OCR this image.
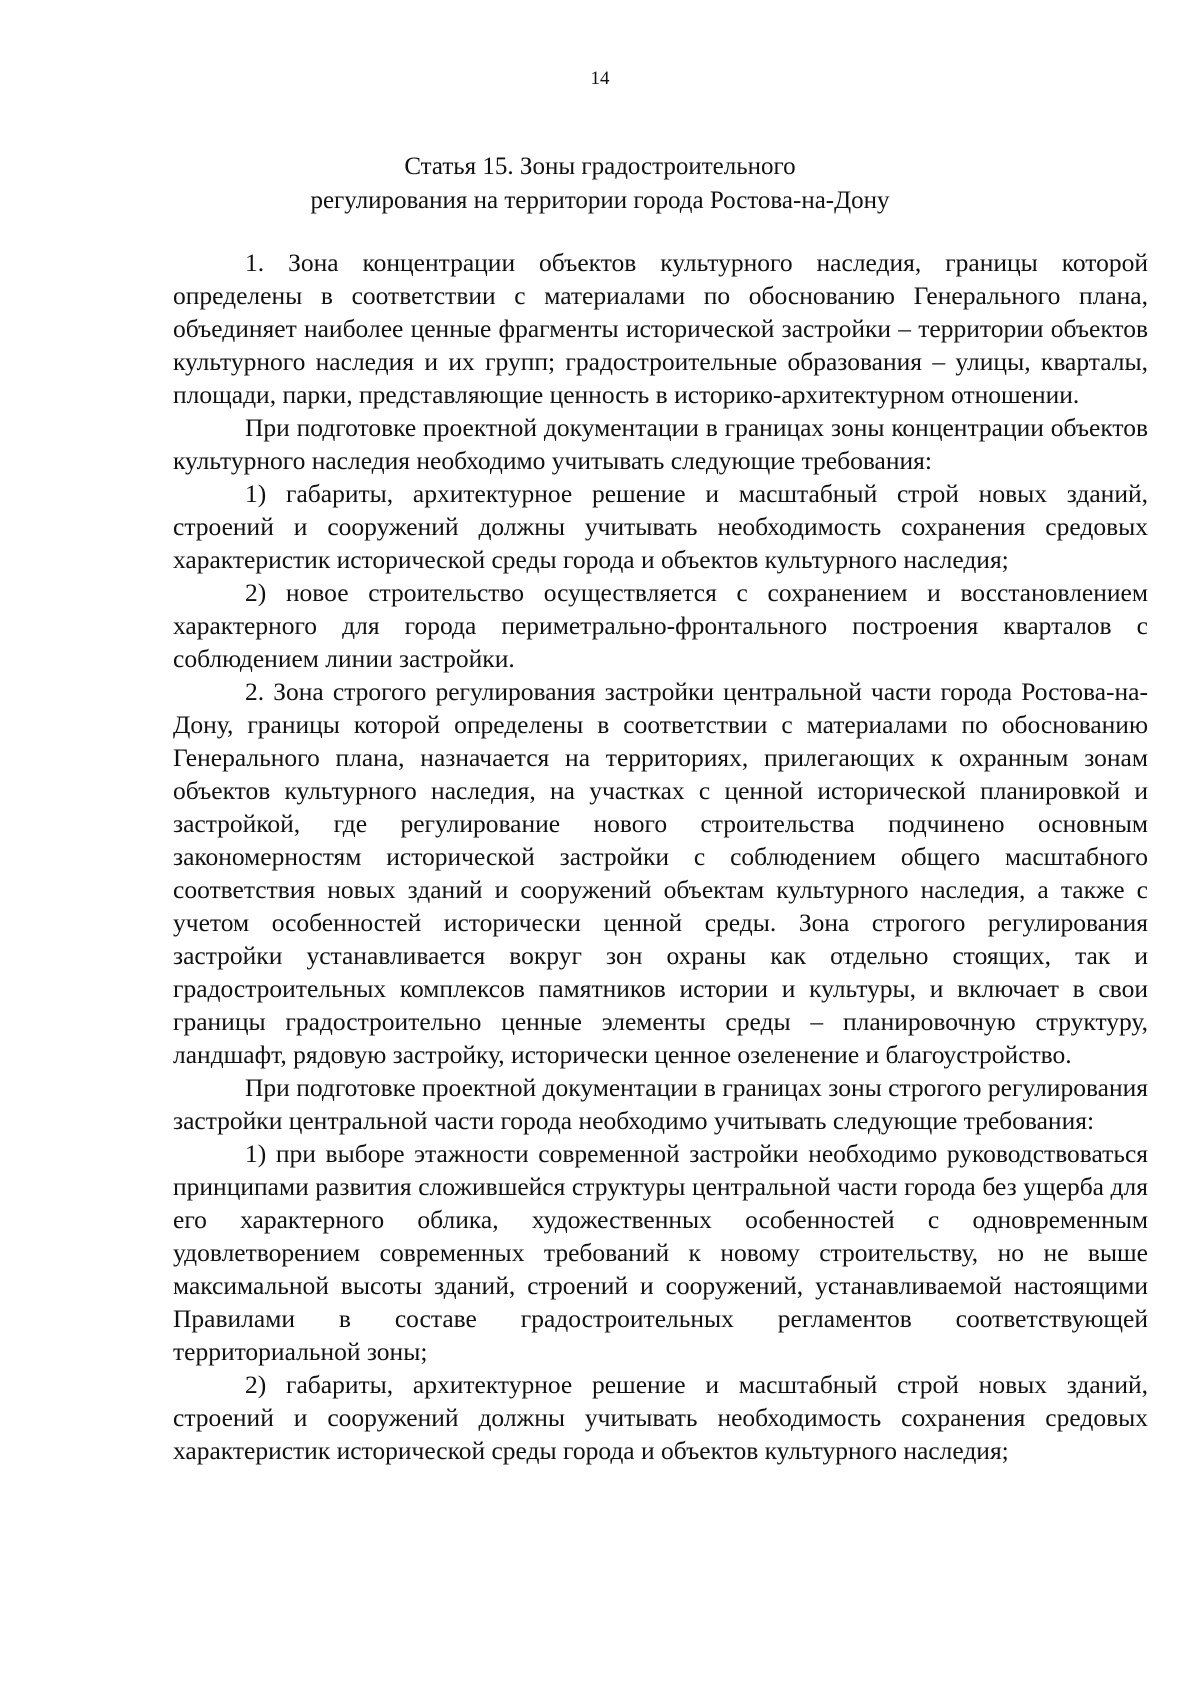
14
Статья 15. Зоны градостроительного
регулирования на территории города Ростова-на-Дону

1. Зона концентрации объектов культурного наследия, границы которой определены в соответствии с материалами по обоснованию Генерального плана, объединяет наиболее ценные фрагменты исторической застройки – территории объектов культурного наследия и их групп; градостроительные образования – улицы, кварталы, площади, парки, представляющие ценность в историко-архитектурном отношении.

При подготовке проектной документации в границах зоны концентрации объектов культурного наследия необходимо учитывать следующие требования:

1) габариты, архитектурное решение и масштабный строй новых зданий, строений и сооружений должны учитывать необходимость сохранения средовых характеристик исторической среды города и объектов культурного наследия;

2) новое строительство осуществляется с сохранением и восстановлением характерного для города периметрально-фронтального построения кварталов с соблюдением линии застройки.

2. Зона строгого регулирования застройки центральной части города Ростова-на-Дону, границы которой определены в соответствии с материалами по обоснованию Генерального плана, назначается на территориях, прилегающих к охранным зонам объектов культурного наследия, на участках с ценной исторической планировкой и застройкой, где регулирование нового строительства подчинено основным закономерностям исторической застройки с соблюдением общего масштабного соответствия новых зданий и сооружений объектам культурного наследия, а также с учетом особенностей исторически ценной среды. Зона строгого регулирования застройки устанавливается вокруг зон охраны как отдельно стоящих, так и градостроительных комплексов памятников истории и культуры, и включает в свои границы градостроительно ценные элементы среды – планировочную структуру, ландшафт, рядовую застройку, исторически ценное озеленение и благоустройство.

При подготовке проектной документации в границах зоны строгого регулирования застройки центральной части города необходимо учитывать следующие требования:

1) при выборе этажности современной застройки необходимо руководствоваться принципами развития сложившейся структуры центральной части города без ущерба для его характерного облика, художественных особенностей с одновременным удовлетворением современных требований к новому строительству, но не выше максимальной высоты зданий, строений и сооружений, устанавливаемой настоящими Правилами в составе градостроительных регламентов соответствующей территориальной зоны;

2) габариты, архитектурное решение и масштабный строй новых зданий, строений и сооружений должны учитывать необходимость сохранения средовых характеристик исторической среды города и объектов культурного наследия;
